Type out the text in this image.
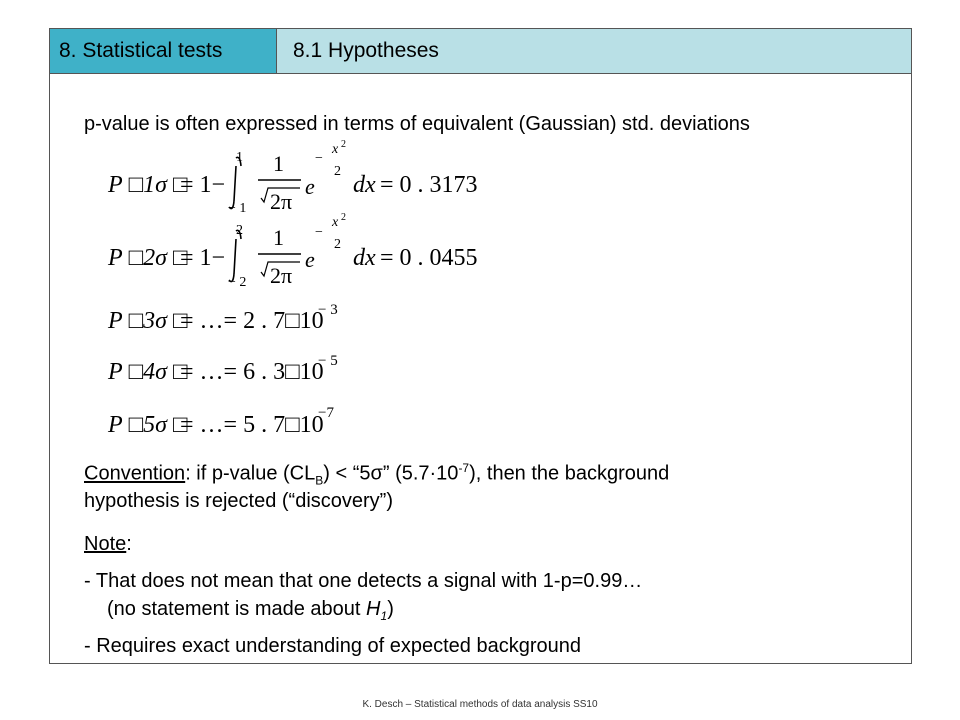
8. Statistical tests	8.1 Hypotheses
p-value is often expressed in terms of equivalent (Gaussian) std. deviations
P □1σ □
= 1−
1
− 1
1
2π
e
−
x 2
2
dx = 0 . 3173
P □2σ □
= 1−
2
− 2
1
2π
e
−
x 2
2
dx = 0 . 0455
P □3σ □
= …= 2 . 7□10
− 3
P □4σ □
= …= 6 . 3□10
− 5
P □5σ □
= …= 5 . 7□10
−7
Convention: if p-value $(CL_B)$ < “5σ” $(5.7\cdot 10^{-7})$, then the background
hypothesis is rejected (“discovery”)
Note:
- That does not mean that one detects a signal with 1-p=0.99…
(no statement is made about $H_1$)
- Requires exact understanding of expected background
K. Desch – Statistical methods of data analysis SS10
